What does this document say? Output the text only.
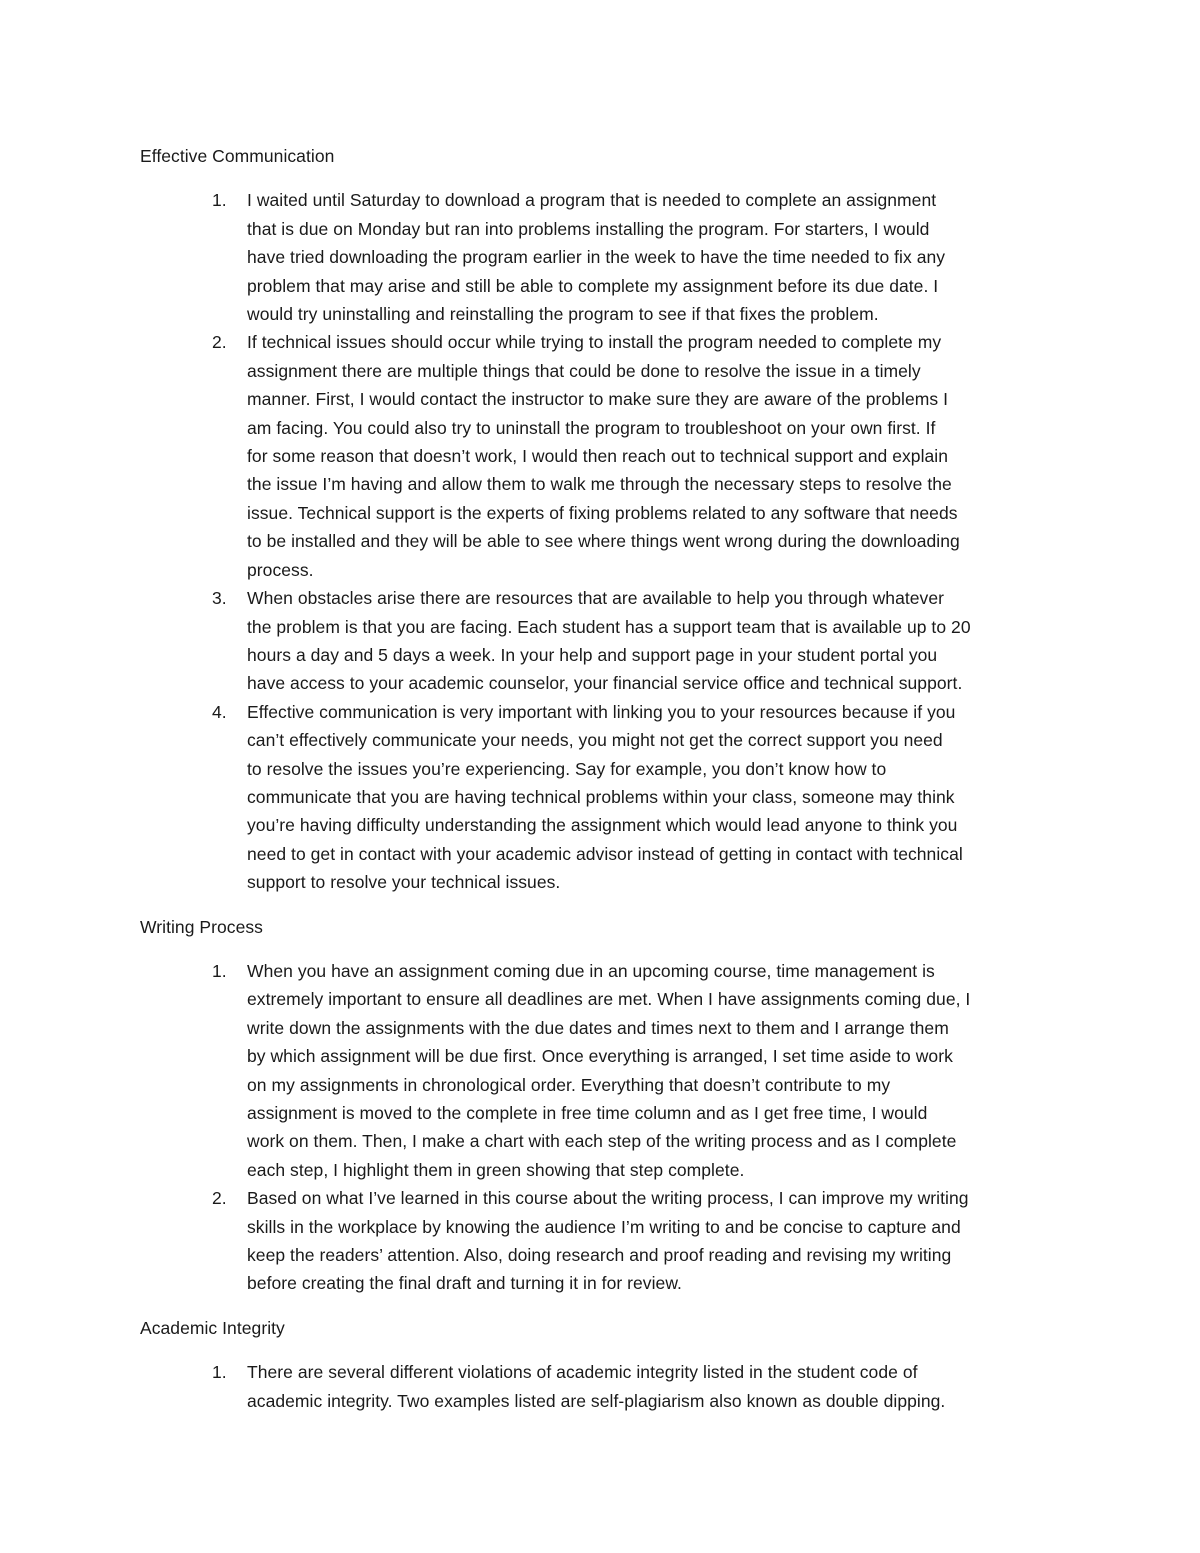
Effective Communication
1. I waited until Saturday to download a program that is needed to complete an assignment
that is due on Monday but ran into problems installing the program. For starters, I would
have tried downloading the program earlier in the week to have the time needed to fix any
problem that may arise and still be able to complete my assignment before its due date. I
would try uninstalling and reinstalling the program to see if that fixes the problem.
2. If technical issues should occur while trying to install the program needed to complete my
assignment there are multiple things that could be done to resolve the issue in a timely
manner. First, I would contact the instructor to make sure they are aware of the problems I
am facing. You could also try to uninstall the program to troubleshoot on your own first. If
for some reason that doesn’t work, I would then reach out to technical support and explain
the issue I’m having and allow them to walk me through the necessary steps to resolve the
issue. Technical support is the experts of fixing problems related to any software that needs
to be installed and they will be able to see where things went wrong during the downloading
process.
3. When obstacles arise there are resources that are available to help you through whatever
the problem is that you are facing. Each student has a support team that is available up to 20
hours a day and 5 days a week. In your help and support page in your student portal you
have access to your academic counselor, your financial service office and technical support.
4. Effective communication is very important with linking you to your resources because if you
can’t effectively communicate your needs, you might not get the correct support you need
to resolve the issues you’re experiencing. Say for example, you don’t know how to
communicate that you are having technical problems within your class, someone may think
you’re having difficulty understanding the assignment which would lead anyone to think you
need to get in contact with your academic advisor instead of getting in contact with technical
support to resolve your technical issues.
Writing Process
1. When you have an assignment coming due in an upcoming course, time management is
extremely important to ensure all deadlines are met. When I have assignments coming due, I
write down the assignments with the due dates and times next to them and I arrange them
by which assignment will be due first. Once everything is arranged, I set time aside to work
on my assignments in chronological order. Everything that doesn’t contribute to my
assignment is moved to the complete in free time column and as I get free time, I would
work on them. Then, I make a chart with each step of the writing process and as I complete
each step, I highlight them in green showing that step complete.
2. Based on what I’ve learned in this course about the writing process, I can improve my writing
skills in the workplace by knowing the audience I’m writing to and be concise to capture and
keep the readers’ attention. Also, doing research and proof reading and revising my writing
before creating the final draft and turning it in for review.
Academic Integrity
1. There are several different violations of academic integrity listed in the student code of
academic integrity. Two examples listed are self-plagiarism also known as double dipping.
